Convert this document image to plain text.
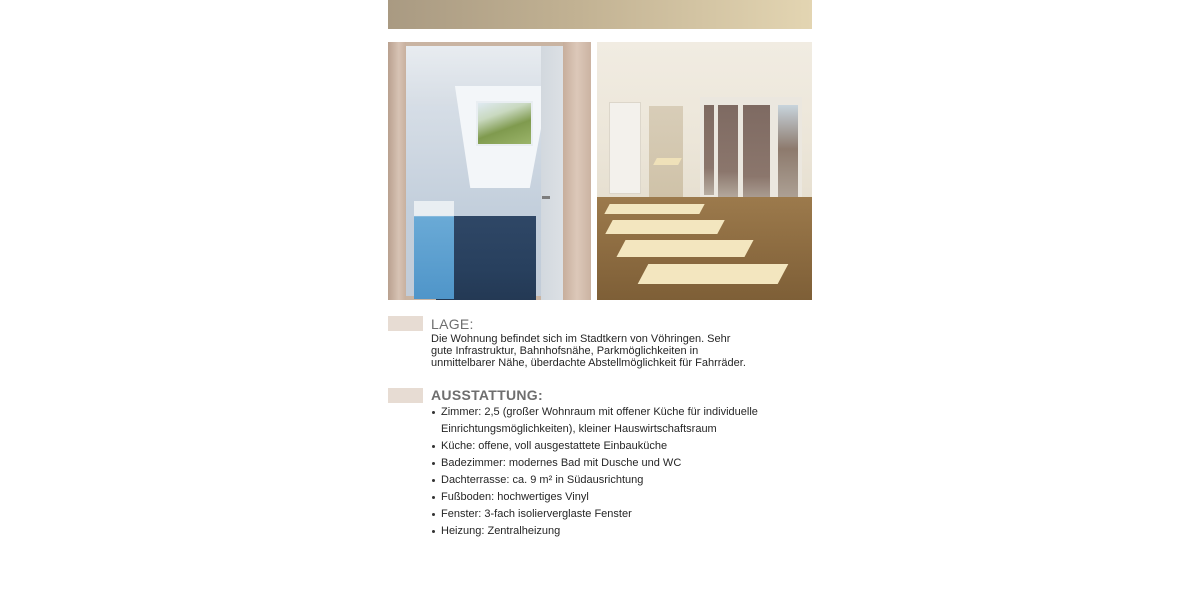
LAGE:

Die Wohnung befindet sich im Stadtkern von Vöhringen. Sehr gute Infrastruktur, Bahnhofsnähe, Parkmöglichkeiten in unmittelbarer Nähe, überdachte Abstellmöglichkeit für Fahrräder.

AUSSTATTUNG:
Zimmer: 2,5 (großer Wohnraum mit offener Küche für individuelle Einrichtungsmöglichkeiten), kleiner Hauswirtschaftsraum
Küche: offene, voll ausgestattete Einbauküche
Badezimmer: modernes Bad mit Dusche und WC
Dachterrasse: ca. 9 m² in Südausrichtung
Fußboden: hochwertiges Vinyl
Fenster: 3-fach isolierverglaste Fenster
Heizung: Zentralheizung
